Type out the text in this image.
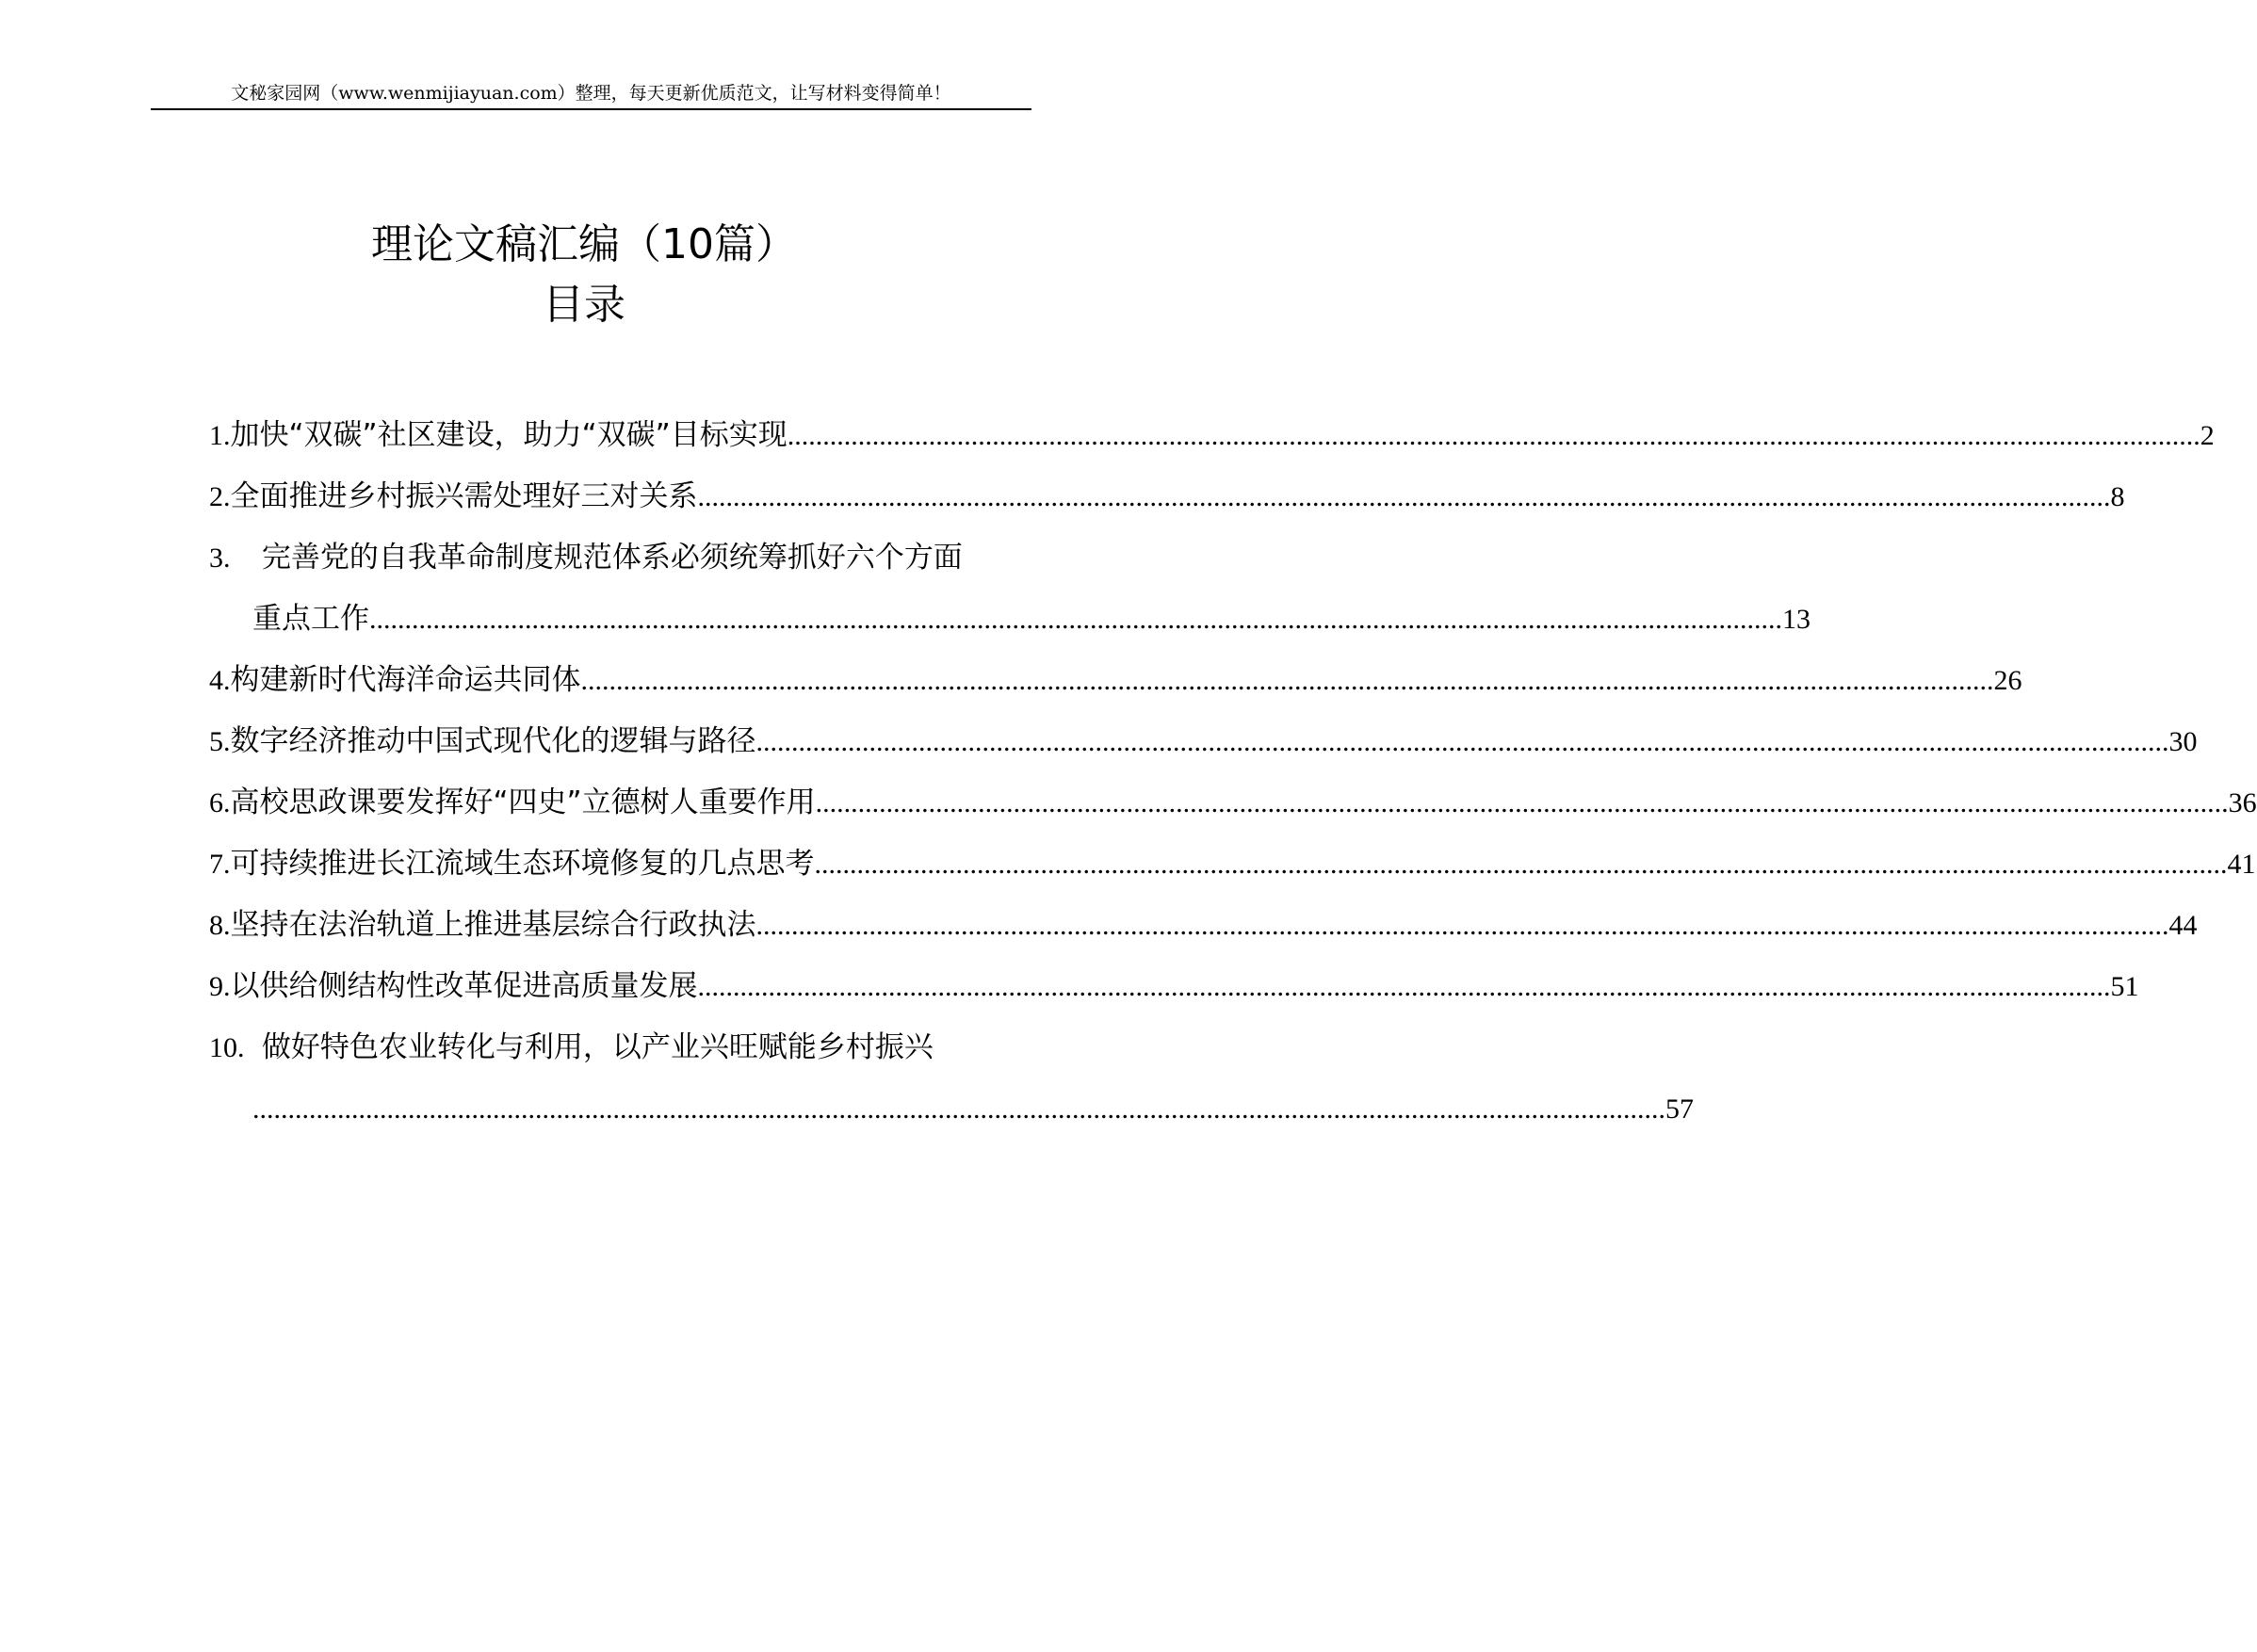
文秘家园网（www.wenmijiayuan.com）整理，每天更新优质范文，让写材料变得简单！
理论文稿汇编（10篇）
目录
1. 加快“双碳”社区建设，助力“双碳”目标实现 ........................................................................................................................................................................................................ 2
2. 全面推进乡村振兴需处理好三对关系 ........................................................................................................................................................................................................ 8
3. 完善党的自我革命制度规范体系必须统筹抓好六个方面
重点工作 ........................................................................................................................................................................................................ 13
4. 构建新时代海洋命运共同体 ........................................................................................................................................................................................................ 26
5. 数字经济推动中国式现代化的逻辑与路径 ........................................................................................................................................................................................................ 30
6. 高校思政课要发挥好“四史”立德树人重要作用 ........................................................................................................................................................................................................ 36
7. 可持续推进长江流域生态环境修复的几点思考 ........................................................................................................................................................................................................ 41
8. 坚持在法治轨道上推进基层综合行政执法 ........................................................................................................................................................................................................ 44
9. 以供给侧结构性改革促进高质量发展 ........................................................................................................................................................................................................ 51
10. 做好特色农业转化与利用，以产业兴旺赋能乡村振兴
........................................................................................................................................................................................................ 57
